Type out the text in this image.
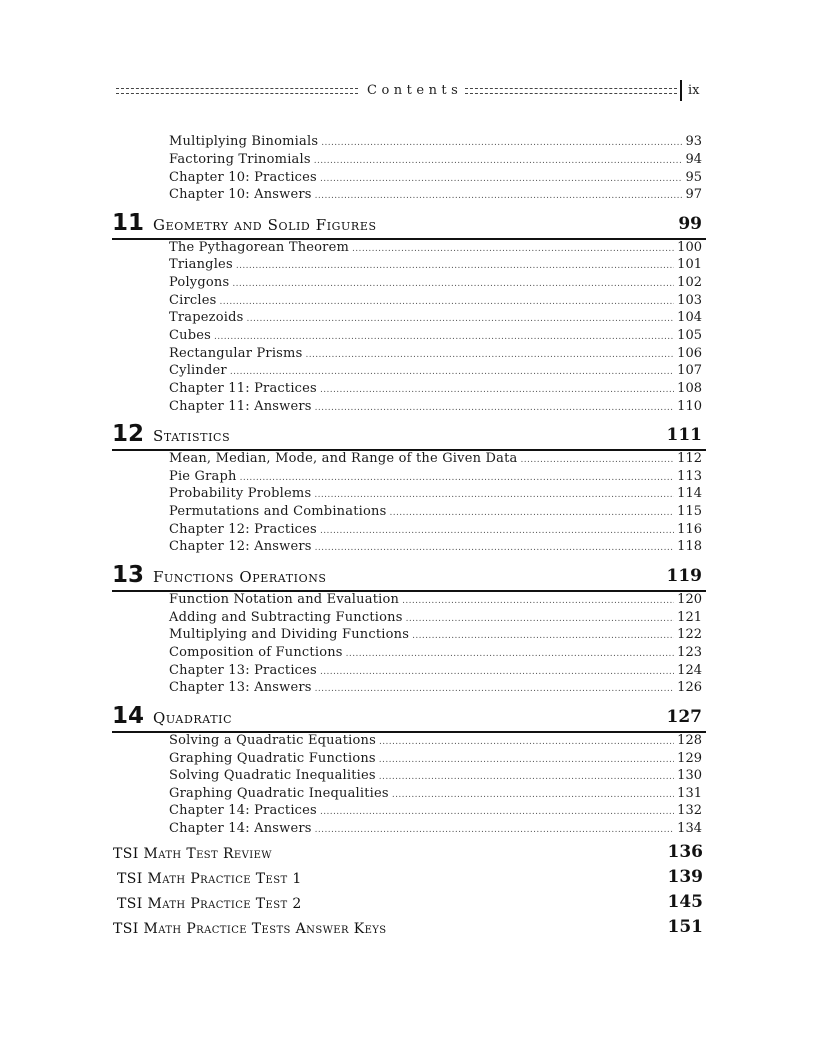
Contents	ix
Multiplying Binomials .....	93
Factoring Trinomials .....	94
Chapter 10: Practices .....	95
Chapter 10: Answers .....	97
11 Geometry and Solid Figures	99
The Pythagorean Theorem .....	100
Triangles .....	101
Polygons .....	102
Circles .....	103
Trapezoids .....	104
Cubes .....	105
Rectangular Prisms .....	106
Cylinder .....	107
Chapter 11: Practices .....	108
Chapter 11: Answers .....	110
12 Statistics	111
Mean, Median, Mode, and Range of the Given Data .....	112
Pie Graph .....	113
Probability Problems .....	114
Permutations and Combinations .....	115
Chapter 12: Practices .....	116
Chapter 12: Answers .....	118
13 Functions Operations	119
Function Notation and Evaluation .....	120
Adding and Subtracting Functions .....	121
Multiplying and Dividing Functions .....	122
Composition of Functions .....	123
Chapter 13: Practices .....	124
Chapter 13: Answers .....	126
14 Quadratic	127
Solving a Quadratic Equations .....	128
Graphing Quadratic Functions .....	129
Solving Quadratic Inequalities .....	130
Graphing Quadratic Inequalities .....	131
Chapter 14: Practices .....	132
Chapter 14: Answers .....	134
TSI Math Test Review	136
TSI Math Practice Test 1	139
TSI Math Practice Test 2	145
TSI Math Practice Tests Answer Keys	151
